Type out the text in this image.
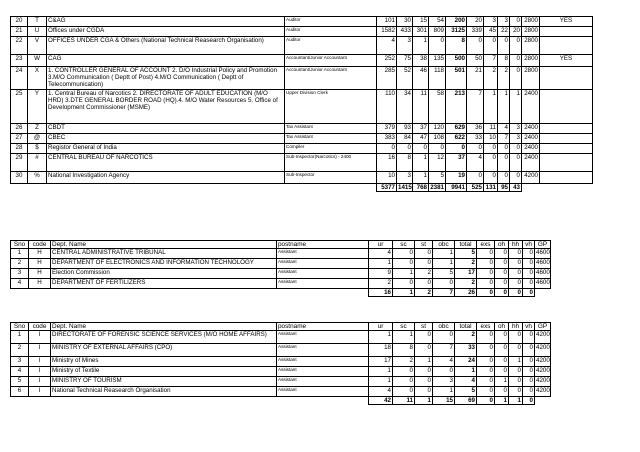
20	T	C&AG	Auditor	101	30	15	54	200	20	3	3	0	2800	YES
21	U	Offices under CGDA	Auditor	1582	433	301	809	3125	339	45	22	20	2800	
22	V	OFFICES UNDER CGA & Others (National Technical Reasearch Organisation)	Auditor	4	3	1	0	8	0	0	0	0	2800	
23	W	CAG	Accountant/Junior Accountant	252	75	38	135	500	50	7	8	0	2800	YES
24	X	1. CONTROLLER GENERAL OF ACCOUNT 2. D/O Industrial Policy and Promotion 3.M/O Communication ( Deptt of Post) 4.M/O Communication ( Deptt of Telecommunication)	Accountant/Junior Accountant	285	52	46	118	501	21	2	2	0	2800	
25	Y	1. Central Bureau of Narcotics 2. DIRECTORATE OF ADULT EDUCATION (M/O HRD) 3.DTE GENERAL BORDER ROAD (HQ).4. M/O Water Resources 5. Office of Development Commissioner (MSME)	Upper Division Clerk	110	34	11	58	213	7	1	1	1	2400	
26	Z	CBDT	Tax Assistant	379	93	37	120	629	36	11	4	3	2400	
27	@	CBEC	Tax Assistant	383	84	47	108	622	33	10	7	3	2400	
28	$	Registor General of India	Compiler	0	0	0	0	0	0	0	0	0	2400	
29	#	CENTRAL BUREAU OF NARCOTICS	Sub-Inspector(Narcotics) - 2400	16	8	1	12	37	4	0	0	0	2400	
30	%	National Investigation Agency	Sub-Inspector	10	3	1	5	19	0	0	0	0	4200	
				5377	1415	768	2381	9941	525	131	95	43		
Sno	code	Dept. Name	postname	ur	sc	st	obc	total	exs	oh	hh	vh	GP
1	H	CENTRAL ADMINISTRATIVE TRIBUNAL	Assistant	4	0	0	1	5	0	0	0	0	4600
2	H	DEPARTMENT OF ELECTRONICS AND INFORMATION TECHNOLOGY	Assistant	1	0	0	1	2	0	0	0	0	4600
3	H	Election Commission	Assistant	9	1	2	5	17	0	0	0	0	4600
4	H	DEPARTMENT OF FERTILIZERS	Assistant	2	0	0	0	2	0	0	0	0	4600
				16	1	2	7	26	0	0	0	0	
Sno	code	Dept. Name	postname	ur	sc	st	obc	total	exs	oh	hh	vh	GP
1	I	DIRECTORATE OF FORENSIC SCIENCE SERVICES (M/O HOME AFFAIRS)	Assistant	1	1	0	0	2	0	0	0	0	4200
2	I	MINISTRY OF EXTERNAL AFFAIRS (CPO)	Assistant	18	8	0	7	33	0	0	0	0	4200
3	I	Ministry of Mines	Assistant	17	2	1	4	24	0	0	1	0	4200
4	I	Ministry of Textile	Assistant	1	0	0	0	1	0	0	0	0	4200
5	I	MINISTRY OF TOURISM	Assistant	1	0	0	3	4	0	1	0	0	4200
6	I	National Technical Reasearch Organisation	Assistant	4	0	0	1	5	0	0	0	0	4200
				42	11	1	15	69	0	1	1	0	
